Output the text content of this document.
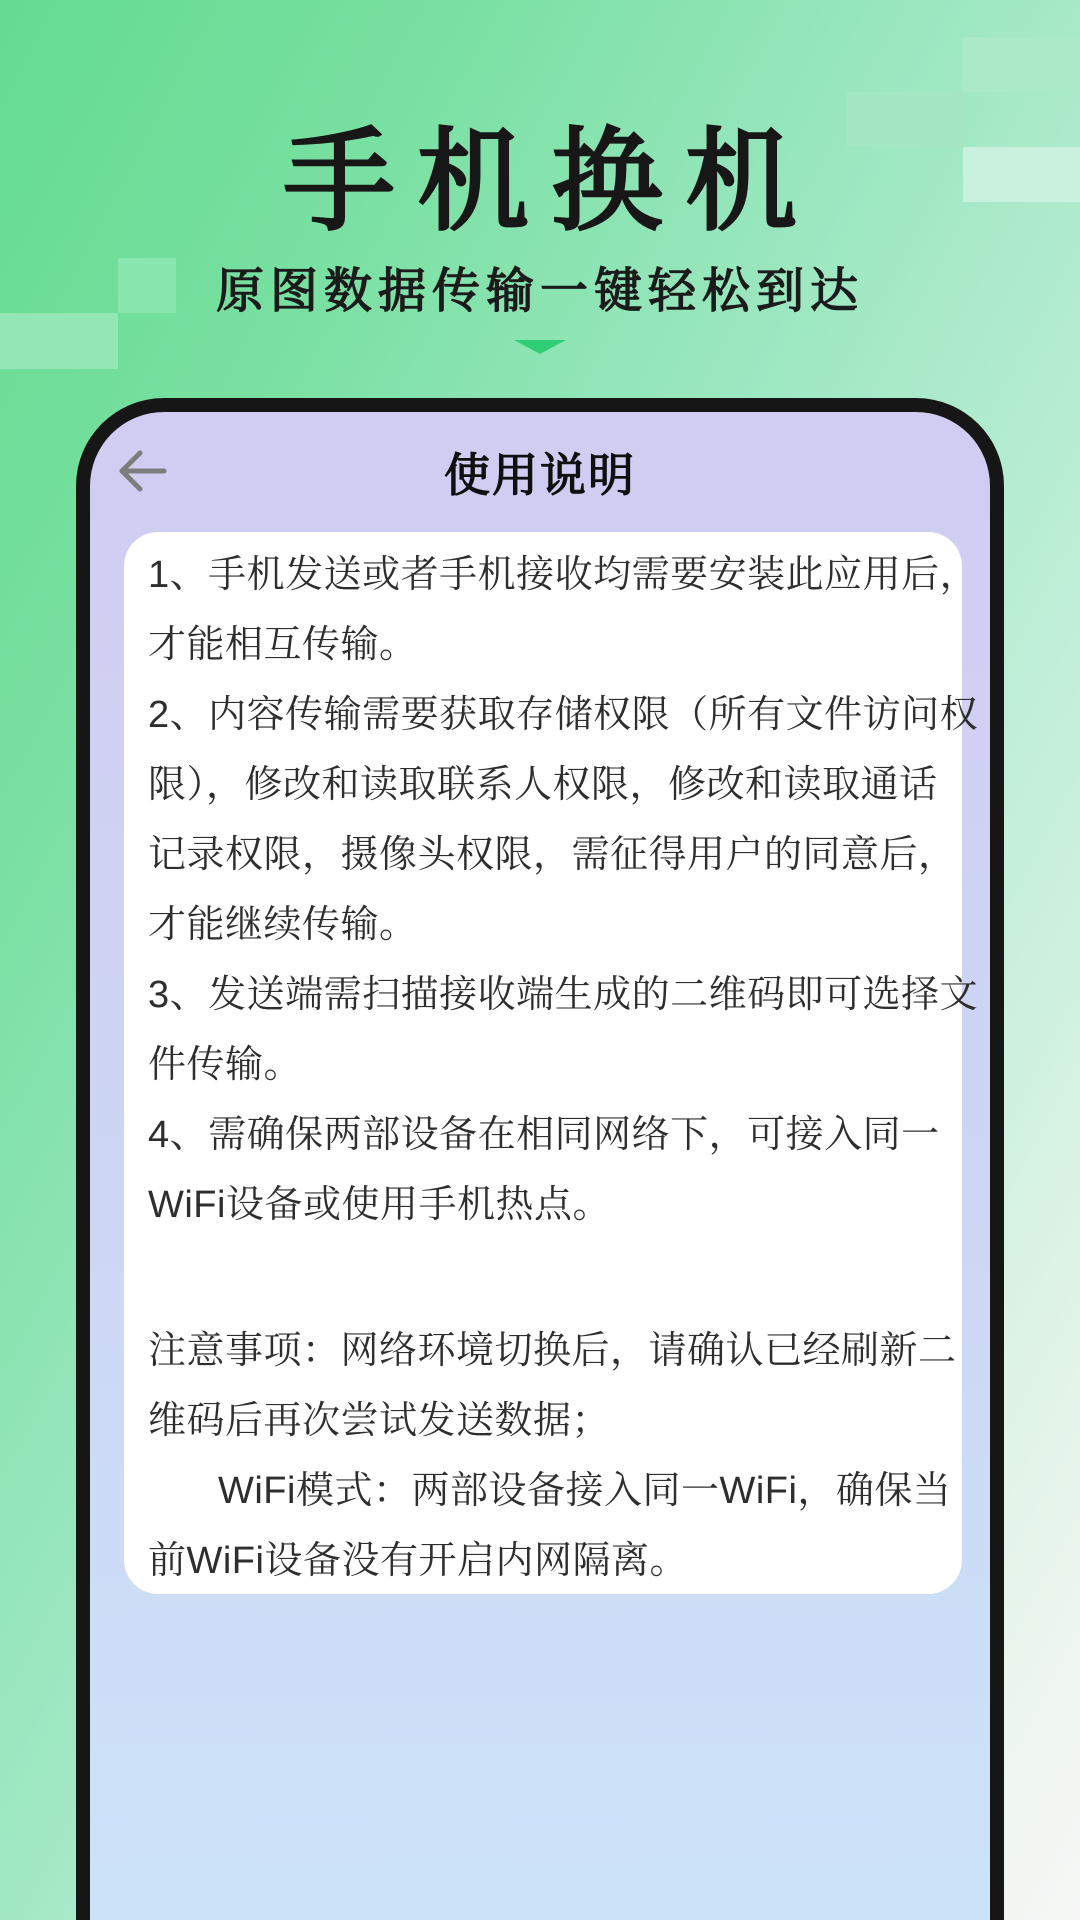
手机换机
原图数据传输一键轻松到达
使用说明
1、手机发送或者手机接收均需要安装此应用后，
才能相互传输。
2、内容传输需要获取存储权限（所有文件访问权
限），修改和读取联系人权限，修改和读取通话
记录权限，摄像头权限，需征得用户的同意后，
才能继续传输。
3、发送端需扫描接收端生成的二维码即可选择文
件传输。
4、需确保两部设备在相同网络下，可接入同一
WiFi设备或使用手机热点。
注意事项：网络环境切换后，请确认已经刷新二
维码后再次尝试发送数据；
WiFi模式：两部设备接入同一WiFi，确保当
前WiFi设备没有开启内网隔离。
